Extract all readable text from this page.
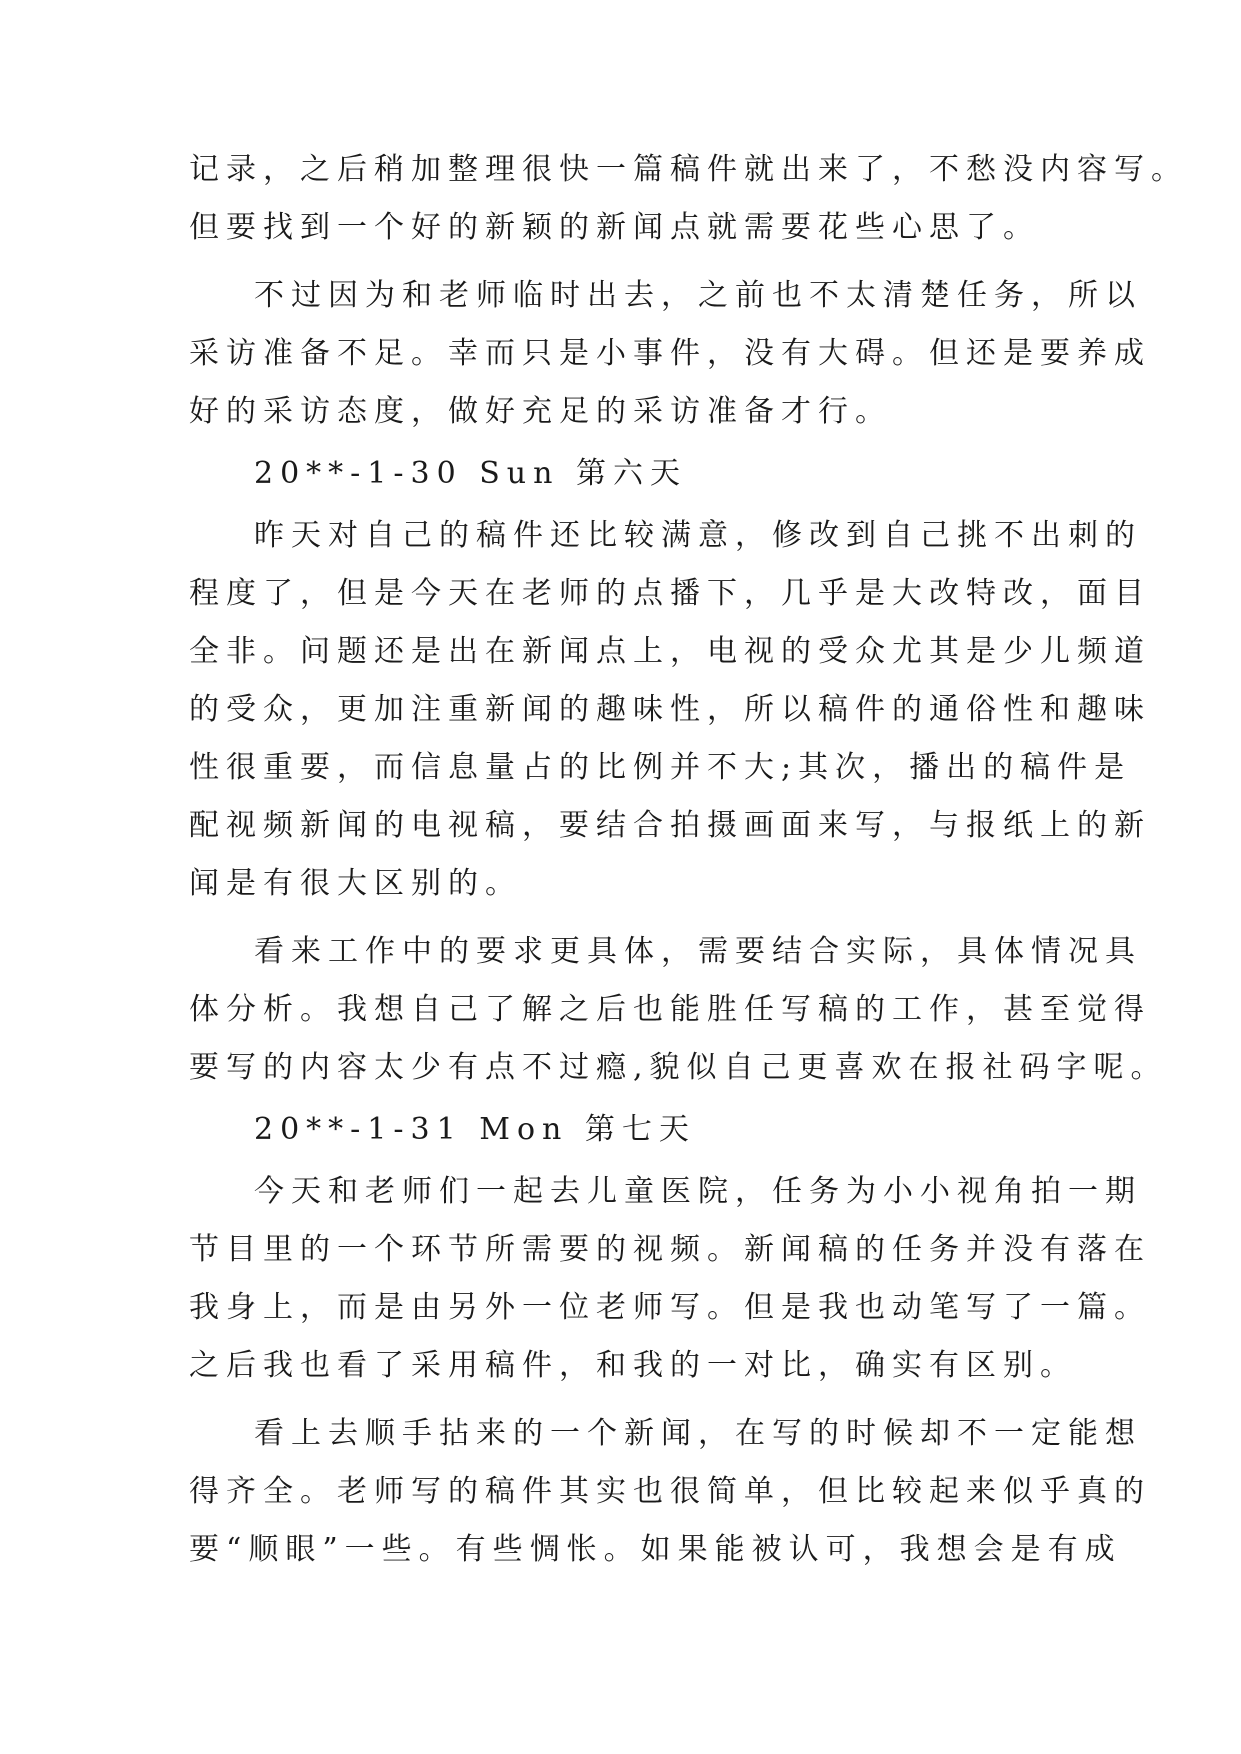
记录，之后稍加整理很快一篇稿件就出来了，不愁没内容写。
但要找到一个好的新颖的新闻点就需要花些心思了。
不过因为和老师临时出去，之前也不太清楚任务，所以
采访准备不足。幸而只是小事件，没有大碍。但还是要养成
好的采访态度，做好充足的采访准备才行。
20**-1-30 Sun 第六天
昨天对自己的稿件还比较满意，修改到自己挑不出刺的
程度了，但是今天在老师的点播下，几乎是大改特改，面目
全非。问题还是出在新闻点上，电视的受众尤其是少儿频道
的受众，更加注重新闻的趣味性，所以稿件的通俗性和趣味
性很重要，而信息量占的比例并不大;其次，播出的稿件是
配视频新闻的电视稿，要结合拍摄画面来写，与报纸上的新
闻是有很大区别的。
看来工作中的要求更具体，需要结合实际，具体情况具
体分析。我想自己了解之后也能胜任写稿的工作，甚至觉得
要写的内容太少有点不过瘾,貌似自己更喜欢在报社码字呢。
20**-1-31 Mon 第七天
今天和老师们一起去儿童医院，任务为小小视角拍一期
节目里的一个环节所需要的视频。新闻稿的任务并没有落在
我身上，而是由另外一位老师写。但是我也动笔写了一篇。
之后我也看了采用稿件，和我的一对比，确实有区别。
看上去顺手拈来的一个新闻，在写的时候却不一定能想
得齐全。老师写的稿件其实也很简单，但比较起来似乎真的
要“顺眼”一些。有些惆怅。如果能被认可，我想会是有成
